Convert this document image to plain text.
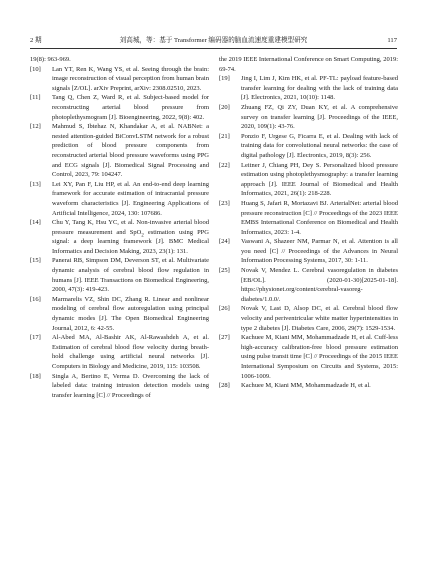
2 期	刘高城，等：基于 Transformer 编码器的脑血流速度重建模型研究	117
19(8): 963-969.
[10] Lan YT, Ren K, Wang YS, et al. Seeing through the brain: image reconstruction of visual perception from human brain signals [Z/OL]. arXiv Preprint, arXiv: 2308.02510, 2023.
[11] Tang Q, Chen Z, Ward R, et al. Subject-based model for reconstructing arterial blood pressure from photoplethysmogram [J]. Bioengineering, 2022, 9(8): 402.
[12] Mahmud S, Ibtehaz N, Khandakar A, et al. NABNet: a nested attention-guided BiConvLSTM network for a robust prediction of blood pressure components from reconstructed arterial blood pressure waveforms using PPG and ECG signals [J]. Biomedical Signal Processing and Control, 2023, 79: 104247.
[13] Lei XY, Pan F, Liu HP, et al. An end-to-end deep learning framework for accurate estimation of intracranial pressure waveform characteristics [J]. Engineering Applications of Artificial Intelligence, 2024, 130: 107686.
[14] Chu Y, Tang K, Hsu YC, et al. Non-invasive arterial blood pressure measurement and SpO$_2$ estimation using PPG signal: a deep learning framework [J]. BMC Medical Informatics and Decision Making, 2023, 23(1): 131.
[15] Panerai RB, Simpson DM, Deverson ST, et al. Multivariate dynamic analysis of cerebral blood flow regulation in humans [J]. IEEE Transactions on Biomedical Engineering, 2000, 47(3): 419-423.
[16] Marmarelis VZ, Shin DC, Zhang R. Linear and nonlinear modeling of cerebral flow autoregulation using principal dynamic modes [J]. The Open Biomedical Engineering Journal, 2012, 6: 42-55.
[17] Al-Abed MA, Al-Bashir AK, Al-Rawashdeh A, et al. Estimation of cerebral blood flow velocity during breath-hold challenge using artificial neural networks [J]. Computers in Biology and Medicine, 2019, 115: 103508.
[18] Singla A, Bertino E, Verma D. Overcoming the lack of labeled data: training intrusion detection models using transfer learning [C] // Proceedings of
the 2019 IEEE International Conference on Smart Computing, 2019: 69-74.
[19] Jing I, Lim J, Kim HK, et al. PF-TL: payload feature-based transfer learning for dealing with the lack of training data [J]. Electronics, 2021, 10(10): 1148.
[20] Zhuang FZ, Qi ZY, Duan KY, et al. A comprehensive survey on transfer learning [J]. Proceedings of the IEEE, 2020, 109(1): 43-76.
[21] Ponzio F, Urgese G, Ficarra E, et al. Dealing with lack of training data for convolutional neural networks: the case of digital pathology [J]. Electronics, 2019, 8(3): 256.
[22] Leitner J, Chiang PH, Dey S. Personalized blood pressure estimation using photoplethysmography: a transfer learning approach [J]. IEEE Journal of Biomedical and Health Informatics, 2021, 26(1): 218-228.
[23] Huang S, Jafari R, Mortazavi BJ. ArterialNet: arterial blood pressure reconstruction [C] // Proceedings of the 2023 IEEE EMBS International Conference on Biomedical and Health Informatics, 2023: 1-4.
[24] Vaswani A, Shazeer NM, Parmar N, et al. Attention is all you need [C] // Proceedings of the Advances in Neural Information Processing Systems, 2017, 30: 1-11.
[25] Novak V, Mendez L. Cerebral vasoregulation in diabetes [EB/OL]. (2020-01-30)[2025-01-18]. https://physionet.org/content/cerebral-vasoreg-diabetes/1.0.0/.
[26] Novak V, Last D, Alsop DC, et al. Cerebral blood flow velocity and periventricular white matter hyperintensities in type 2 diabetes [J]. Diabetes Care, 2006, 29(7): 1529-1534.
[27] Kachuee M, Kiani MM, Mohammadzade H, et al. Cuff-less high-accuracy calibration-free blood pressure estimation using pulse transit time [C] // Proceedings of the 2015 IEEE International Symposium on Circuits and Systems, 2015: 1006-1009.
[28] Kachuee M, Kiani MM, Mohammadzade H, et al.
